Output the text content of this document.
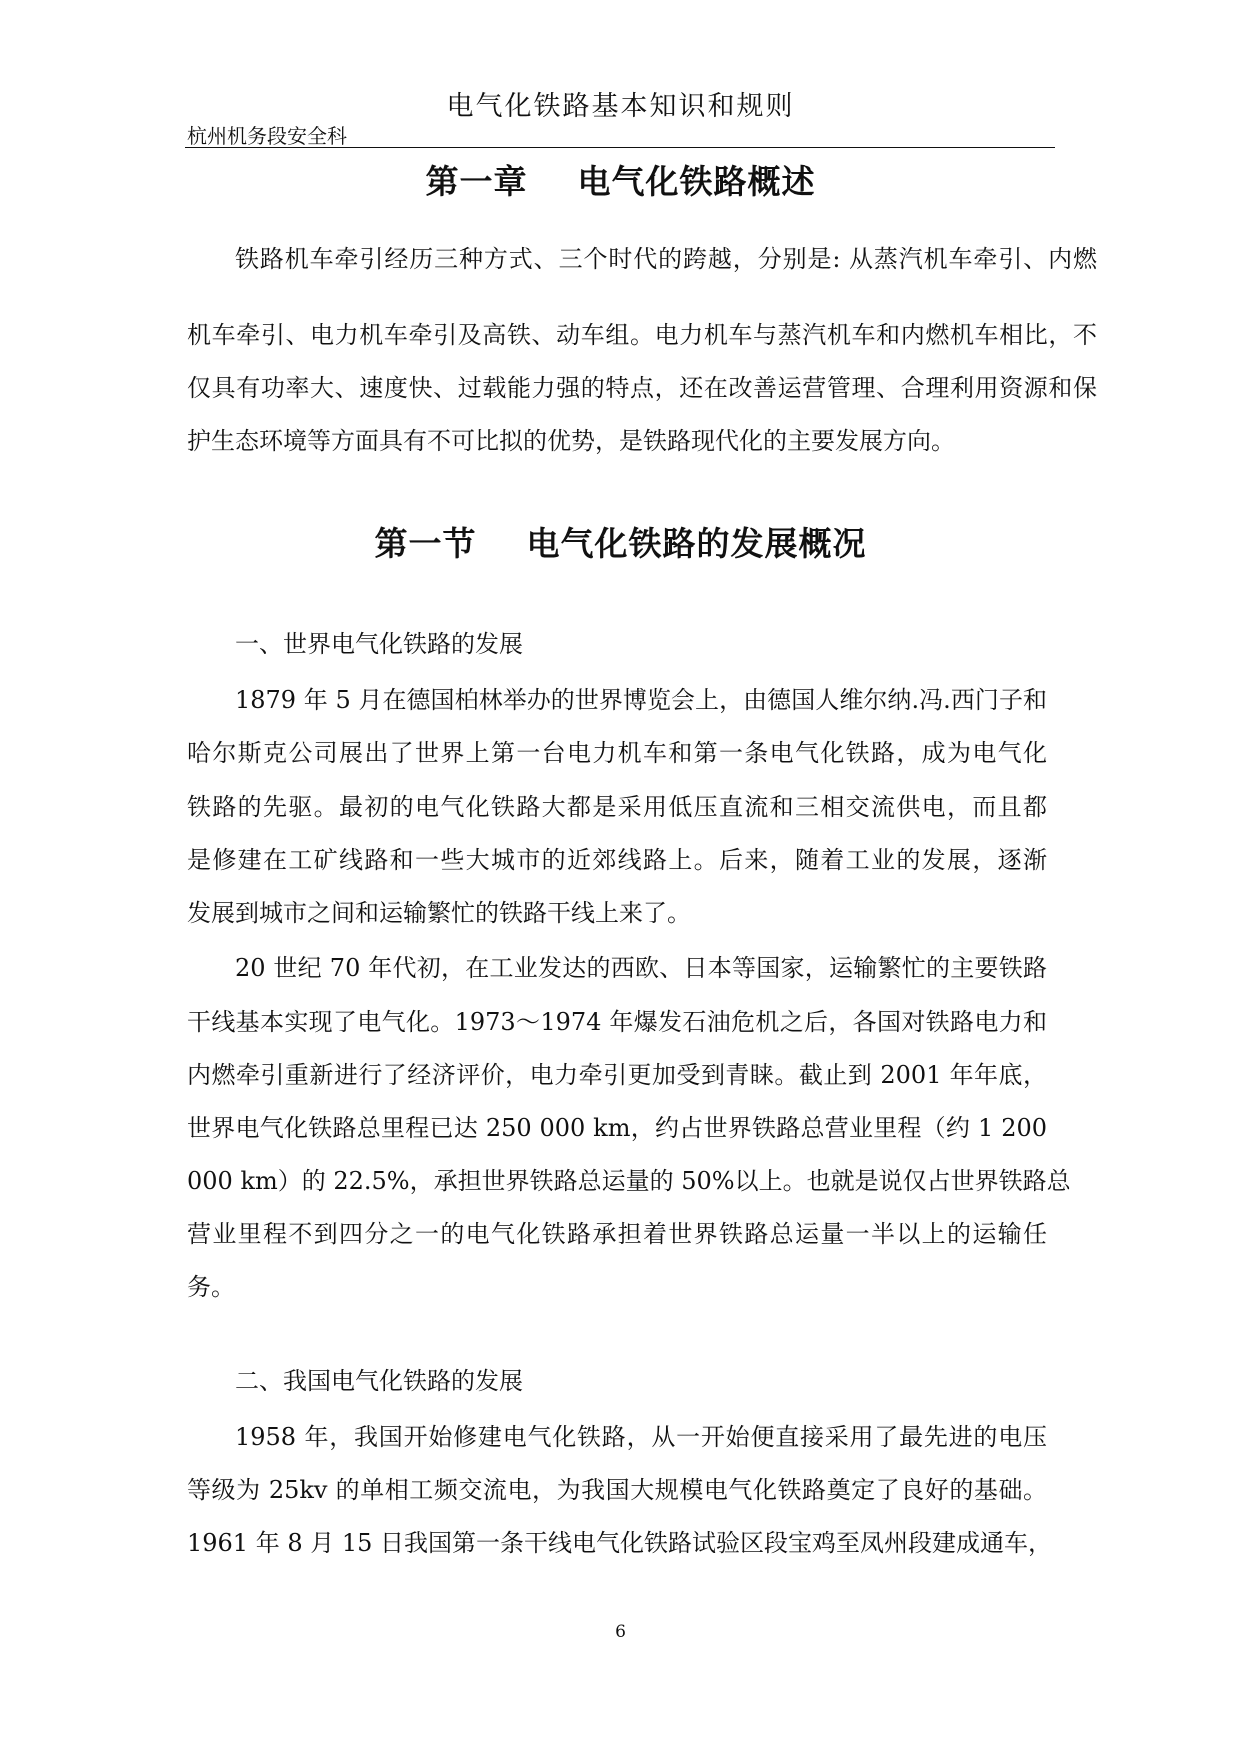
电气化铁路基本知识和规则
杭州机务段安全科
第一章    电气化铁路概述
铁路机车牵引经历三种方式、三个时代的跨越，分别是: 从蒸汽机车牵引、内燃
机车牵引、电力机车牵引及高铁、动车组。电力机车与蒸汽机车和内燃机车相比，不
仅具有功率大、速度快、过载能力强的特点，还在改善运营管理、合理利用资源和保
护生态环境等方面具有不可比拟的优势，是铁路现代化的主要发展方向。
第一节    电气化铁路的发展概况
一、世界电气化铁路的发展
1879 年 5 月在德国柏林举办的世界博览会上，由德国人维尔纳.冯.西门子和
哈尔斯克公司展出了世界上第一台电力机车和第一条电气化铁路，成为电气化
铁路的先驱。最初的电气化铁路大都是采用低压直流和三相交流供电，而且都
是修建在工矿线路和一些大城市的近郊线路上。后来，随着工业的发展，逐渐
发展到城市之间和运输繁忙的铁路干线上来了。
20 世纪 70 年代初，在工业发达的西欧、日本等国家，运输繁忙的主要铁路
干线基本实现了电气化。1973～1974 年爆发石油危机之后，各国对铁路电力和
内燃牵引重新进行了经济评价，电力牵引更加受到青睐。截止到 2001 年年底，
世界电气化铁路总里程已达 250 000 km，约占世界铁路总营业里程（约 1 200
000 km）的 22.5%，承担世界铁路总运量的 50%以上。也就是说仅占世界铁路总
营业里程不到四分之一的电气化铁路承担着世界铁路总运量一半以上的运输任
务。
二、我国电气化铁路的发展
1958 年，我国开始修建电气化铁路，从一开始便直接采用了最先进的电压
等级为 25kv 的单相工频交流电，为我国大规模电气化铁路奠定了良好的基础。
1961 年 8 月 15 日我国第一条干线电气化铁路试验区段宝鸡至凤州段建成通车，
6
